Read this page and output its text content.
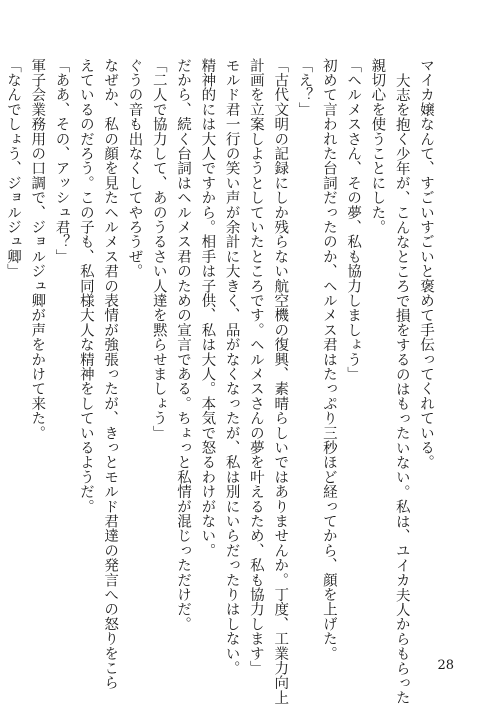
マイカ嬢なんて、すごいすごいと褒めて手伝ってくれている。
大志を抱く少年が、こんなところで損をするのはもったいない。私は、ユイカ夫人からもらった
親切心を使うことにした。
「ヘルメスさん、その夢、私も協力しましょう」
初めて言われた台詞だったのか、ヘルメス君はたっぷり三秒ほど経ってから、顔を上げた。
「え？」
「古代文明の記録にしか残らない航空機の復興、素晴らしいではありませんか。丁度、工業力向上
計画を立案しようとしていたところです。ヘルメスさんの夢を叶えるため、私も協力します」
モルド君一行の笑い声が余計に大きく、品がなくなったが、私は別にいらだったりはしない。
精神的には大人ですから。相手は子供、私は大人。本気で怒るわけがない。
だから、続く台詞はヘルメス君のための宣言である。ちょっと私情が混じっただけだ。
「二人で協力して、あのうるさい人達を黙らせましょう」
ぐうの音も出なくしてやろうぜ。
なぜか、私の顔を見たヘルメス君の表情が強張ったが、きっとモルド君達の発言への怒りをこら
えているのだろう。この子も、私同様大人な精神をしているようだ。
「ああ、その、アッシュ君？」
軍子会業務用の口調で、ジョルジュ卿が声をかけて来た。
「なんでしょう、ジョルジュ卿」
28
